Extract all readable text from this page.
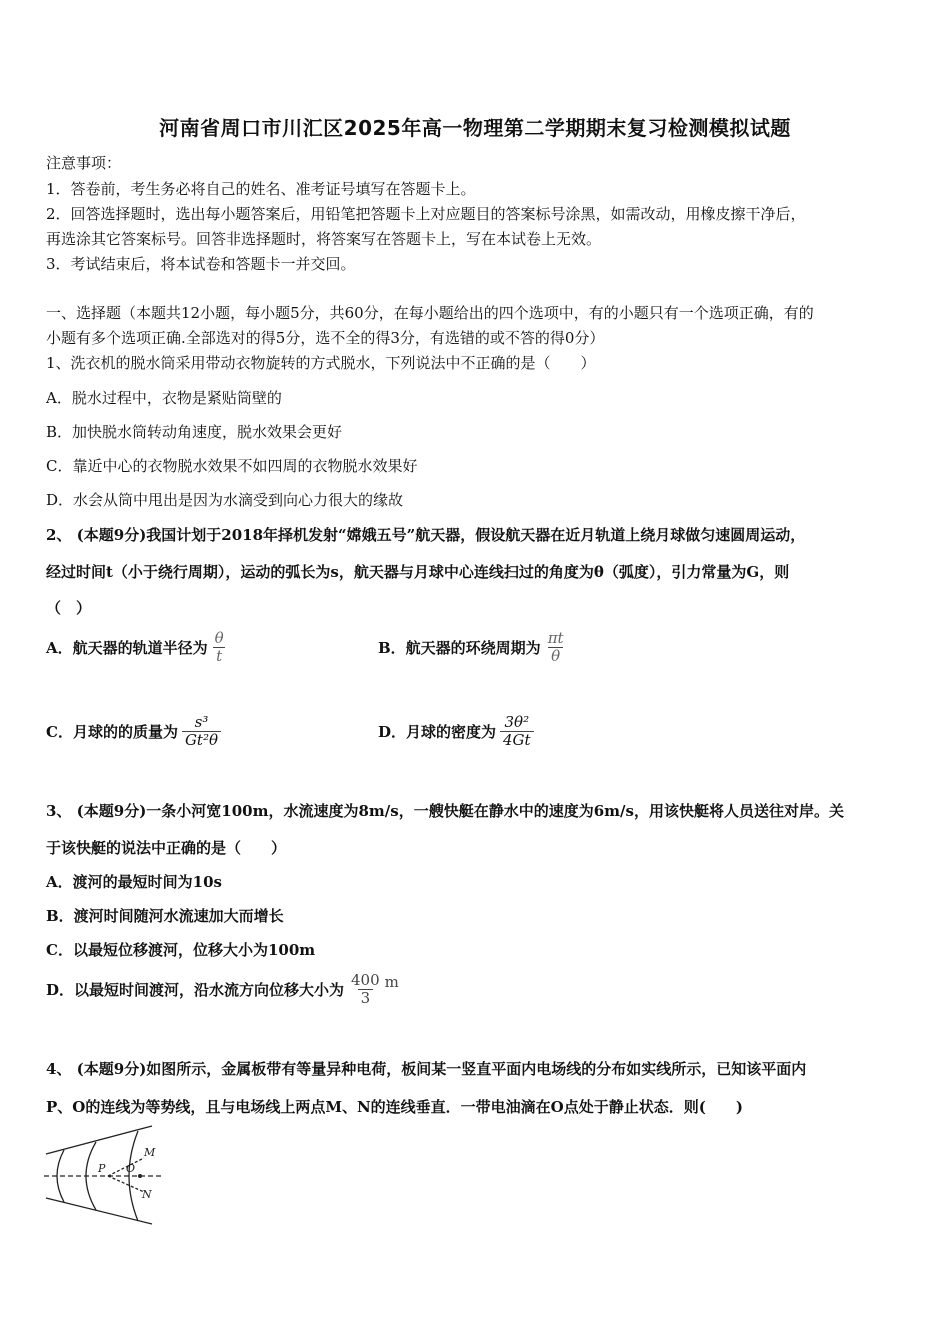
河南省周口市川汇区2025年高一物理第二学期期末复习检测模拟试题
注意事项：
1．答卷前，考生务必将自己的姓名、准考证号填写在答题卡上。
2．回答选择题时，选出每小题答案后，用铅笔把答题卡上对应题目的答案标号涂黑，如需改动，用橡皮擦干净后，
再选涂其它答案标号。回答非选择题时，将答案写在答题卡上，写在本试卷上无效。
3．考试结束后，将本试卷和答题卡一并交回。
一、选择题（本题共12小题，每小题5分，共60分，在每小题给出的四个选项中，有的小题只有一个选项正确，有的
小题有多个选项正确.全部选对的得5分，选不全的得3分，有选错的或不答的得0分）
1、洗衣机的脱水筒采用带动衣物旋转的方式脱水，下列说法中不正确的是（　　）
A．脱水过程中，衣物是紧贴筒壁的
B．加快脱水筒转动角速度，脱水效果会更好
C．靠近中心的衣物脱水效果不如四周的衣物脱水效果好
D．水会从筒中甩出是因为水滴受到向心力很大的缘故
2、 (本题9分)我国计划于2018年择机发射“嫦娥五号”航天器，假设航天器在近月轨道上绕月球做匀速圆周运动，
经过时间t（小于绕行周期），运动的弧长为s，航天器与月球中心连线扫过的角度为θ（弧度），引力常量为G，则
（　）
A．航天器的轨道半径为 $\frac{\theta}{t}$	B．航天器的环绕周期为 $\frac{\pi t}{\theta}$
C．月球的的质量为 $\frac{\text{s³}}{\text{Gt²θ}}$	D．月球的密度为 $\frac{\text{3θ²}}{4Gt}$
3、 (本题9分)一条小河宽100m，水流速度为8m/s，一艘快艇在静水中的速度为6m/s，用该快艇将人员送往对岸。关
于该快艇的说法中正确的是（　　）
A．渡河的最短时间为10s
B．渡河时间随河水流速加大而增长
C．以最短位移渡河，位移大小为100m
D．以最短时间渡河，沿水流方向位移大小为 $\frac{400}{3}$ m
4、 (本题9分)如图所示，金属板带有等量异种电荷，板间某一竖直平面内电场线的分布如实线所示，已知该平面内
P、O的连线为等势线，且与电场线上两点M、N的连线垂直．一带电油滴在O点处于静止状态．则(　　)
P O
M
N
